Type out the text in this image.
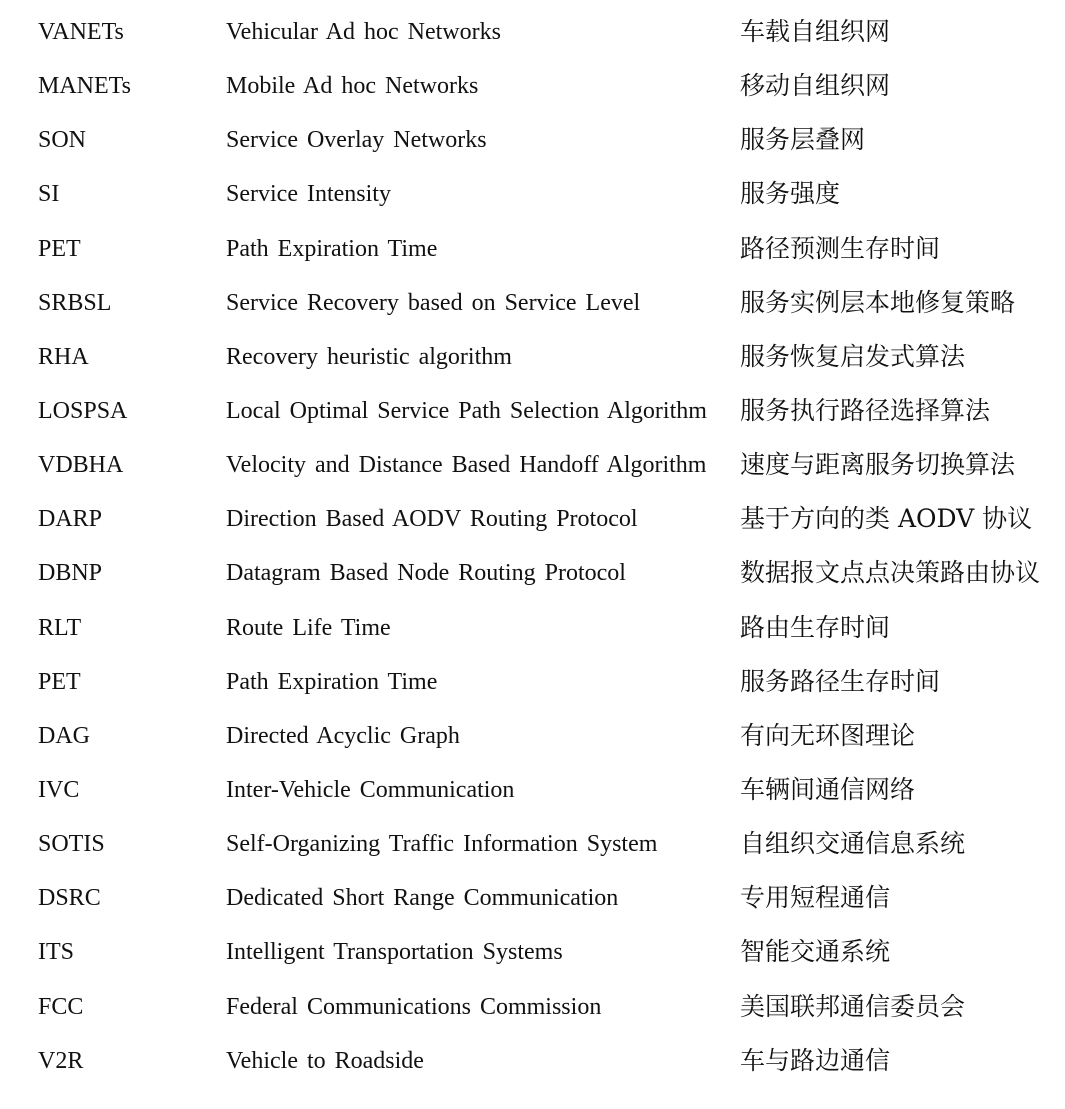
VANETs	Vehicular Ad hoc Networks	车载自组织网
MANETs	Mobile Ad hoc Networks	移动自组织网
SON	Service Overlay Networks	服务层叠网
SI	Service Intensity	服务强度
PET	Path Expiration Time	路径预测生存时间
SRBSL	Service Recovery based on Service Level	服务实例层本地修复策略
RHA	Recovery heuristic algorithm	服务恢复启发式算法
LOSPSA	Local Optimal Service Path Selection Algorithm 服务执行路径选择算法
VDBHA	Velocity and Distance Based Handoff Algorithm 速度与距离服务切换算法
DARP	Direction Based AODV Routing Protocol	基于方向的类 AODV 协议
DBNP	Datagram Based Node Routing Protocol	数据报文点点决策路由协议
RLT	Route Life Time	路由生存时间
PET	Path Expiration Time	服务路径生存时间
DAG	Directed Acyclic Graph	有向无环图理论
IVC	Inter-Vehicle Communication	车辆间通信网络
SOTIS	Self-Organizing Traffic Information System	自组织交通信息系统
DSRC	Dedicated Short Range Communication	专用短程通信
ITS	Intelligent Transportation Systems	智能交通系统
FCC	Federal Communications Commission	美国联邦通信委员会
V2R	Vehicle to Roadside	车与路边通信
